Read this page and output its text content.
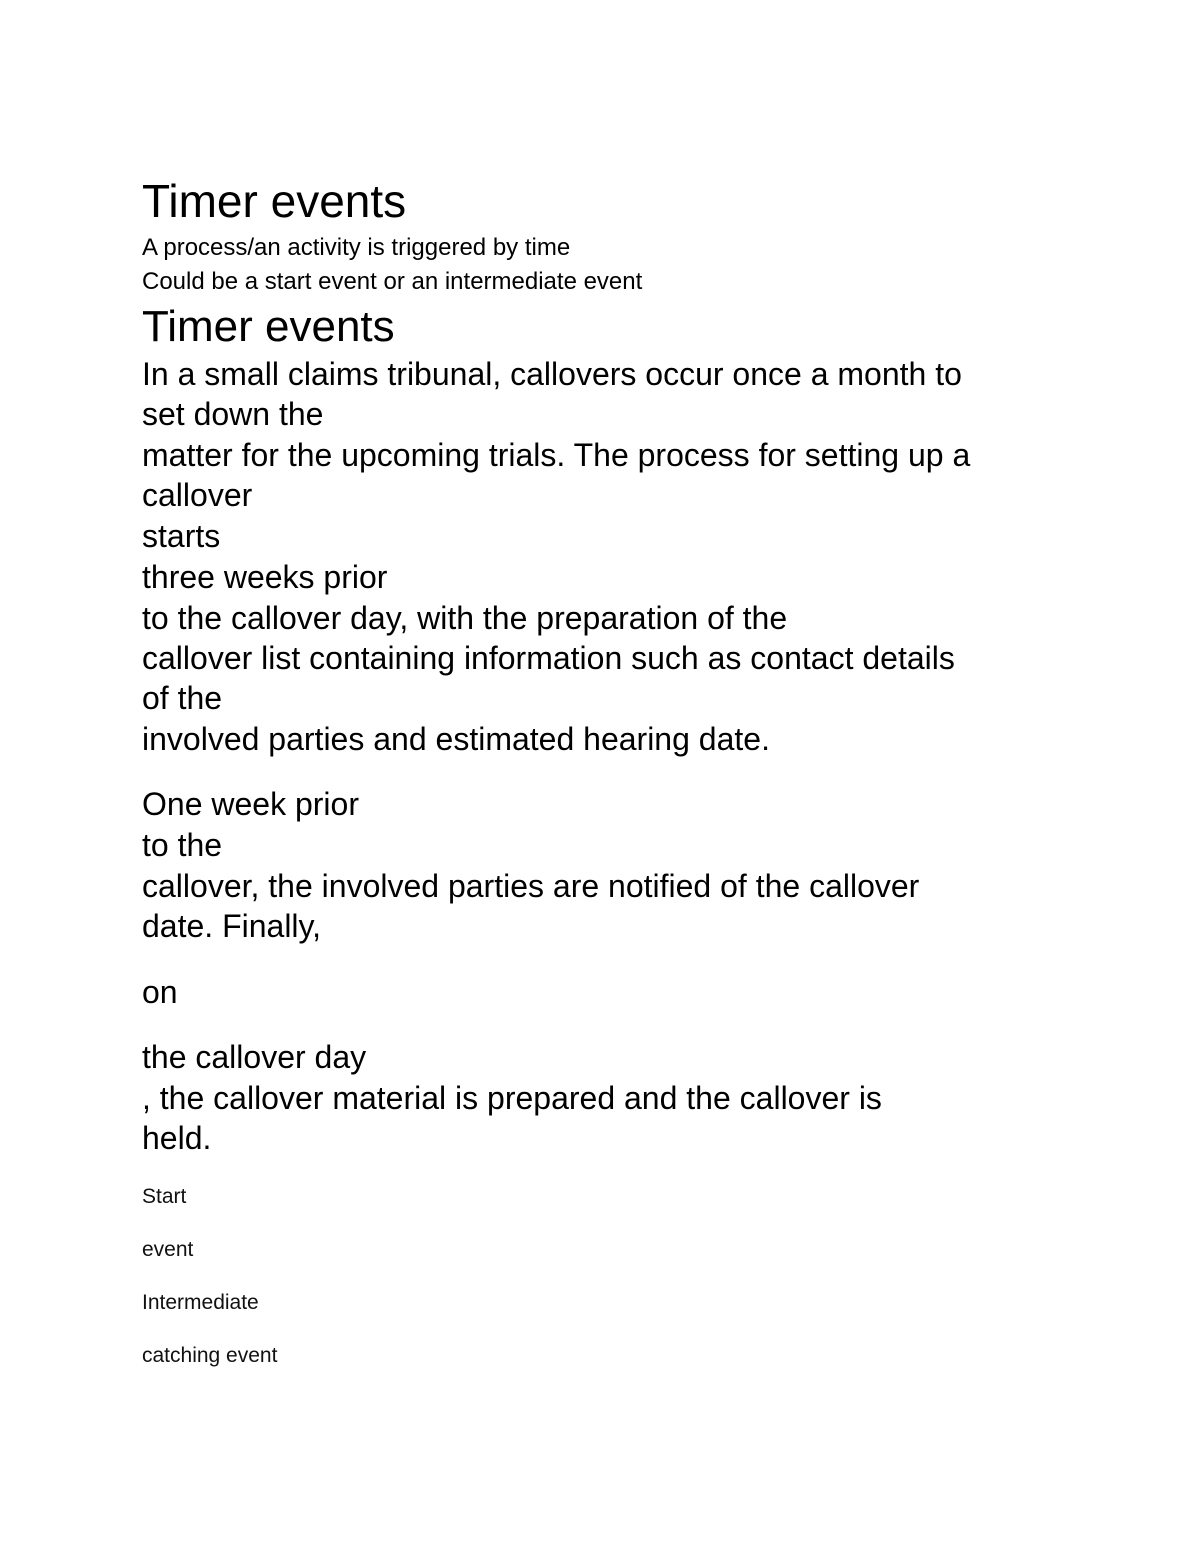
Timer events

A process/an activity is triggered by time

Could be a start event or an intermediate event

Timer events

In a small claims tribunal, callovers occur once a month to

set down the

matter for the upcoming trials. The process for setting up a

callover

starts

three weeks prior

to the callover day, with the preparation of the

callover list containing information such as contact details

of the

involved parties and estimated hearing date.

One week prior

to the

callover, the involved parties are notified of the callover

date. Finally,

on

the callover day

, the callover material is prepared and the callover is

held.

Start

event

Intermediate

catching event
